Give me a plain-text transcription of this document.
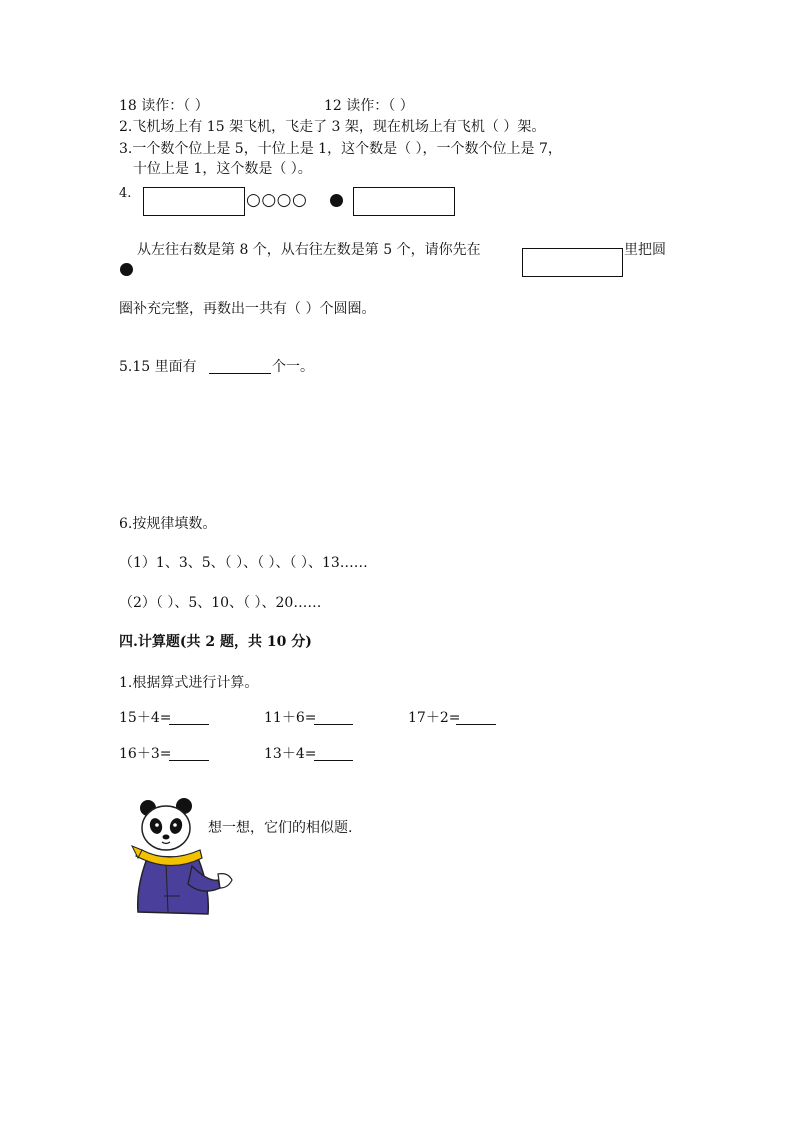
18 读作：（ ）	12 读作：（ ）
2.飞机场上有 15 架飞机，飞走了 3 架，现在机场上有飞机（ ）架。
3.一个数个位上是 5，十位上是 1，这个数是（ ），一个数个位上是 7，
十位上是 1，这个数是（ ）。
4.	○○○○
从左往右数是第 8 个，从右往左数是第 5 个，请你先在	里把圆
圈补充完整，再数出一共有（ ）个圆圈。
5.15 里面有	个一。
6.按规律填数。
（1）1、3、5、（ ）、（ ）、（ ）、13……
（2）（ ）、5、10、（ ）、20……
四.计算题(共 2 题，共 10 分)
1.根据算式进行计算。
15＋4=	11＋6=	17＋2=
16＋3=	13＋4=
想一想，它们的相似题.
